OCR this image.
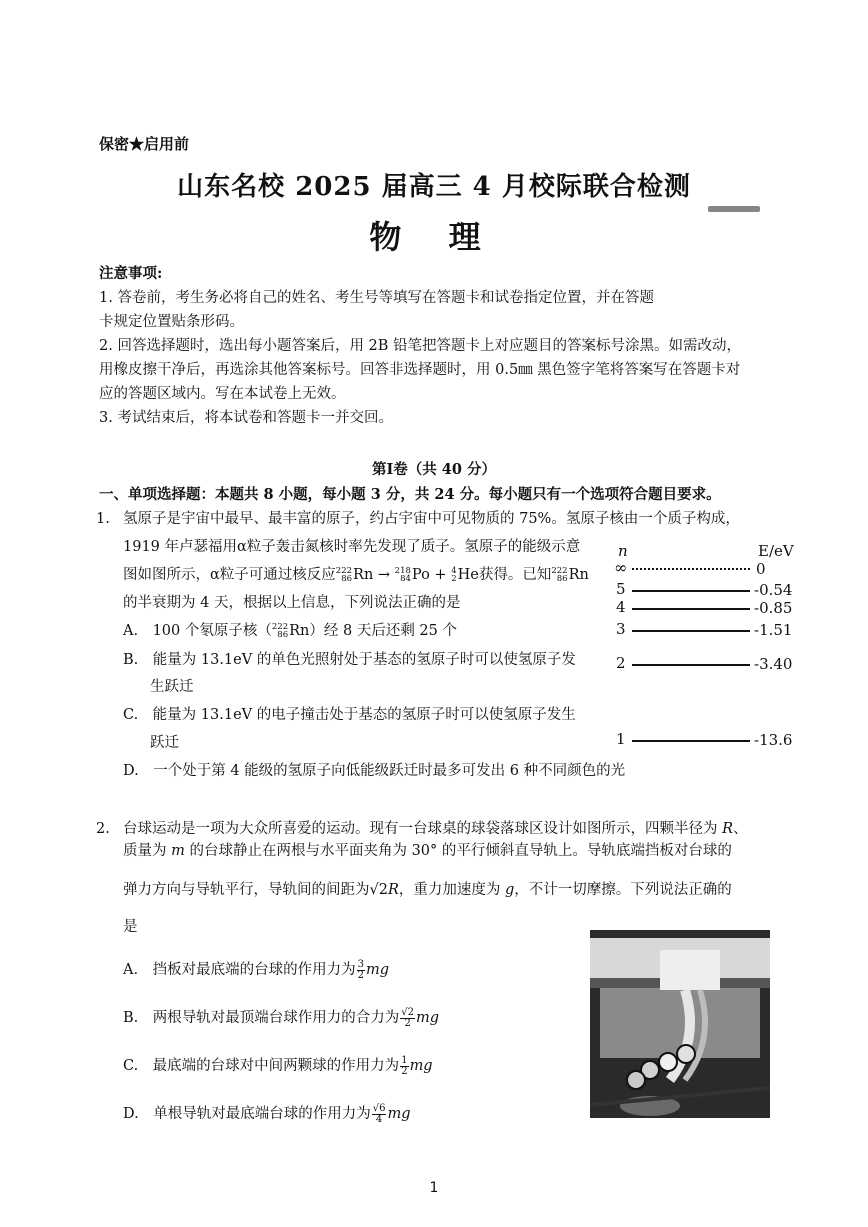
保密★启用前
山东名校 2025 届高三 4 月校际联合检测
物 理
注意事项:
1. 答卷前，考生务必将自己的姓名、考生号等填写在答题卡和试卷指定位置，并在答题
卡规定位置贴条形码。
2. 回答选择题时，选出每小题答案后，用 2B 铅笔把答题卡上对应题目的答案标号涂黑。如需改动，
用橡皮擦干净后，再选涂其他答案标号。回答非选择题时，用 0.5㎜ 黑色签字笔将答案写在答题卡对
应的答题区域内。写在本试卷上无效。
3. 考试结束后，将本试卷和答题卡一并交回。
第Ⅰ卷（共 40 分）
一、单项选择题：本题共 8 小题，每小题 3 分，共 24 分。每小题只有一个选项符合题目要求。
1. 氢原子是宇宙中最早、最丰富的原子，约占宇宙中可见物质的 75%。氢原子核由一个质子构成，
1919 年卢瑟福用α粒子轰击氮核时率先发现了质子。氢原子的能级示意
图如图所示，α粒子可通过核反应 222
86 Rn → 218
84 Po + 4
2 He获得。已知 222
86 Rn
的半衰期为 4 天，根据以上信息，下列说法正确的是
A.　100 个氡原子核（ 222
86 Rn）经 8 天后还剩 25 个
B.　能量为 13.1eV 的单色光照射处于基态的氢原子时可以使氢原子发
生跃迁
C.　能量为 13.1eV 的电子撞击处于基态的氢原子时可以使氢原子发生
跃迁
D.　一个处于第 4 能级的氢原子向低能级跃迁时最多可发出 6 种不同颜色的光
n	E/eV
∞	0
5	-0.54
4	-0.85
3	-1.51
2	-3.40
1	-13.6
2. 台球运动是一项为大众所喜爱的运动。现有一台球桌的球袋落球区设计如图所示，四颗半径为 R、
质量为 m 的台球静止在两根与水平面夹角为 30° 的平行倾斜直导轨上。导轨底端挡板对台球的
弹力方向与导轨平行，导轨间的间距为√2R，重力加速度为 g，不计一切摩擦。下列说法正确的
是
A.　挡板对最底端的台球的作用力为 $\frac{3}{2}$ mg
B.　两根导轨对最顶端台球作用力的合力为 $\frac{√2}{2}$ mg
C.　最底端的台球对中间两颗球的作用力为 $\frac{1}{2}$ mg
D.　单根导轨对最底端台球的作用力为 $\frac{√6}{4}$ mg
1
